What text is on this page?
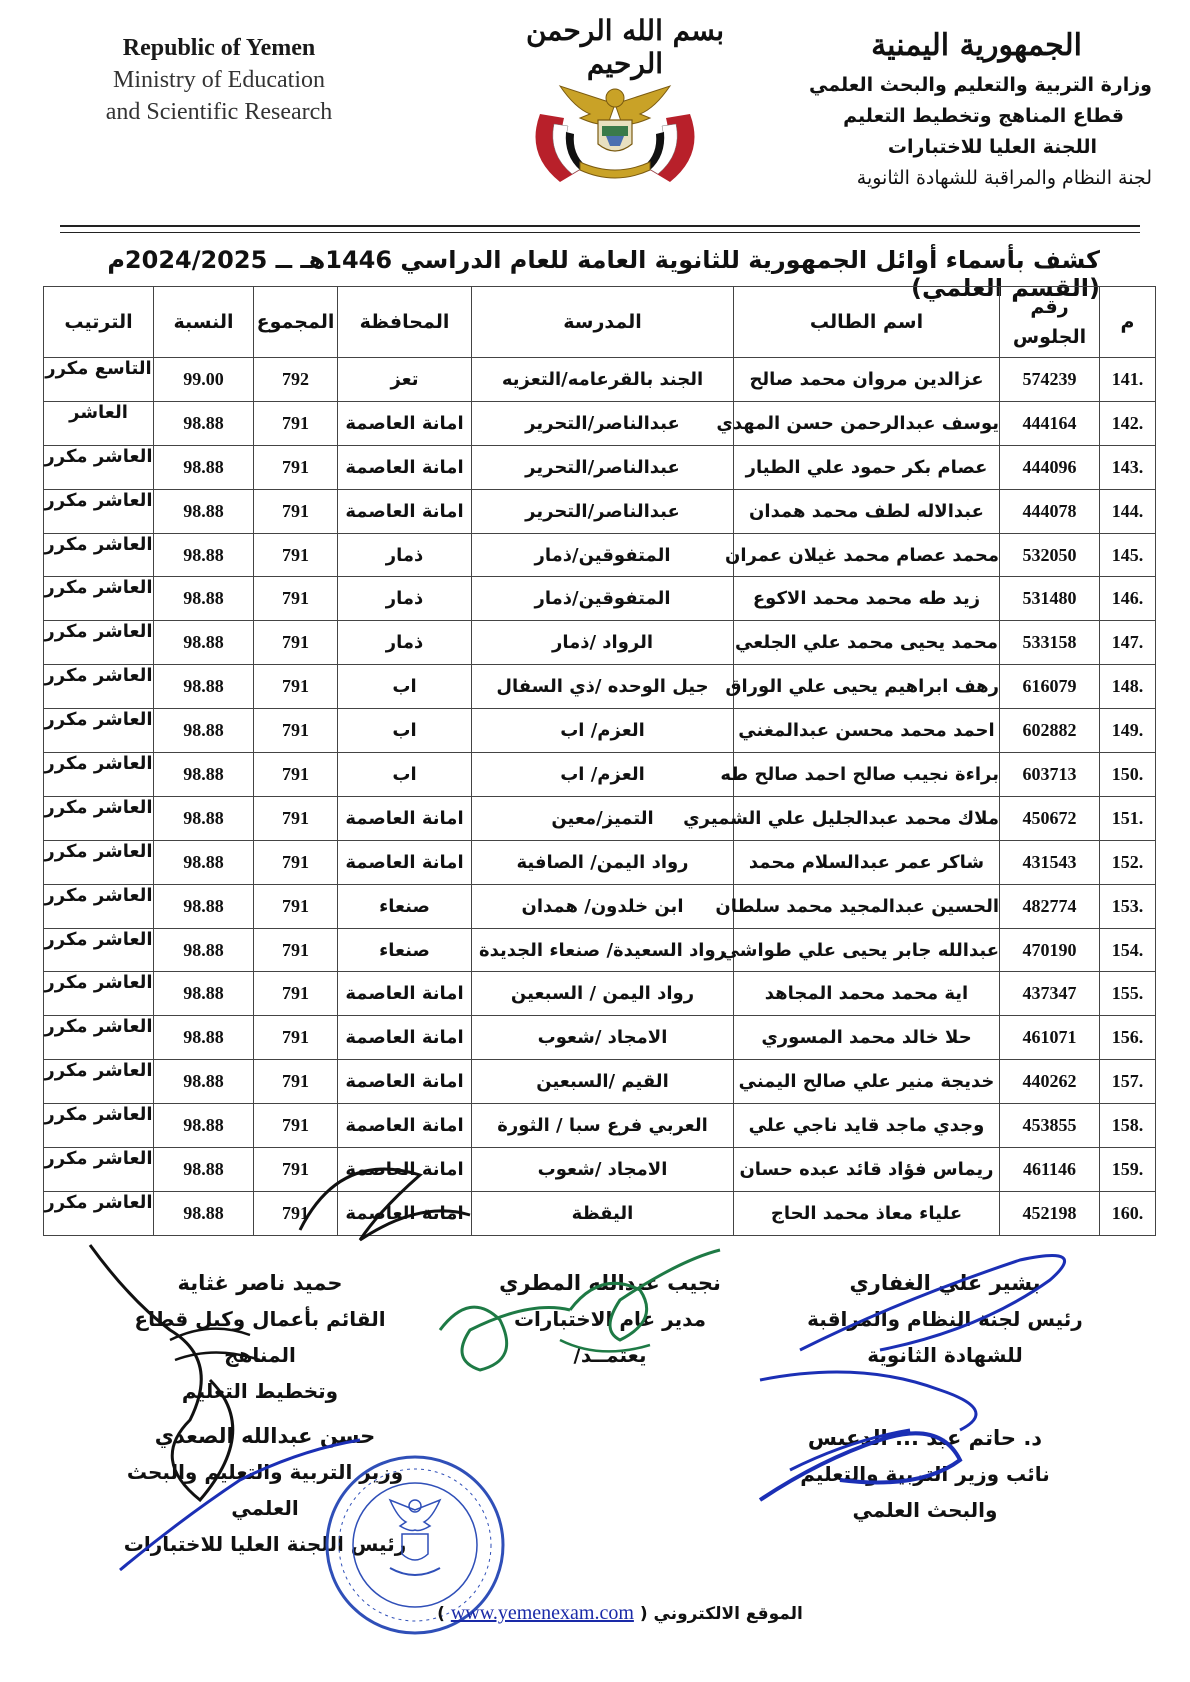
Republic of Yemen
Ministry of Education
and Scientific Research
بسم الله الرحمن الرحيم
الجمهورية اليمنية
وزارة التربية والتعليم والبحث العلمي
قطاع المناهج وتخطيط التعليم
اللجنة العليا للاختبارات
لجنة النظام والمراقبة للشهادة الثانوية
كشف بأسماء أوائل الجمهورية للثانوية العامة للعام الدراسي 1446هـ ــ 2024/2025م (القسم العلمي)
م	رقم الجلوس	اسم الطالب	المدرسة	المحافظة	المجموع	النسبة	الترتيب
.141	574239	عزالدين مروان محمد صالح	الجند بالقرعامه/التعزيه	تعز	792	99.00	التاسع مكرر
.142	444164	يوسف عبدالرحمن حسن المهدي	عبدالناصر/التحرير	امانة العاصمة	791	98.88	العاشر
.143	444096	عصام بكر حمود علي الطيار	عبدالناصر/التحرير	امانة العاصمة	791	98.88	العاشر مكرر
.144	444078	عبدالاله لطف محمد همدان	عبدالناصر/التحرير	امانة العاصمة	791	98.88	العاشر مكرر
.145	532050	محمد عصام محمد غيلان عمران	المتفوقين/ذمار	ذمار	791	98.88	العاشر مكرر
.146	531480	زيد طه محمد محمد الاكوع	المتفوقين/ذمار	ذمار	791	98.88	العاشر مكرر
.147	533158	محمد يحيى محمد علي الجلعي	الرواد /ذمار	ذمار	791	98.88	العاشر مكرر
.148	616079	رهف ابراهيم يحيى علي الوراق	جيل الوحده /ذي السفال	اب	791	98.88	العاشر مكرر
.149	602882	احمد محمد محسن عبدالمغني	العزم/ اب	اب	791	98.88	العاشر مكرر
.150	603713	براءة نجيب صالح احمد صالح طه	العزم/ اب	اب	791	98.88	العاشر مكرر
.151	450672	ملاك محمد عبدالجليل علي الشميري	التميز/معين	امانة العاصمة	791	98.88	العاشر مكرر
.152	431543	شاكر عمر عبدالسلام محمد	رواد اليمن/ الصافية	امانة العاصمة	791	98.88	العاشر مكرر
.153	482774	الحسين عبدالمجيد محمد سلطان	ابن خلدون/ همدان	صنعاء	791	98.88	العاشر مكرر
.154	470190	عبدالله جابر يحيى علي طواشي	رواد السعيدة/ صنعاء الجديدة	صنعاء	791	98.88	العاشر مكرر
.155	437347	اية محمد محمد المجاهد	رواد اليمن / السبعين	امانة العاصمة	791	98.88	العاشر مكرر
.156	461071	حلا خالد محمد المسوري	الامجاد /شعوب	امانة العاصمة	791	98.88	العاشر مكرر
.157	440262	خديجة منير علي صالح اليمني	القيم /السبعين	امانة العاصمة	791	98.88	العاشر مكرر
.158	453855	وجدي ماجد قايد ناجي علي	العربي فرع سبا / الثورة	امانة العاصمة	791	98.88	العاشر مكرر
.159	461146	ريماس فؤاد قائد عبده حسان	الامجاد /شعوب	امانة العاصمة	791	98.88	العاشر مكرر
.160	452198	علياء معاذ محمد الحاج	اليقظة	امانة العاصمة	791	98.88	العاشر مكرر
بشير علي الغفاري
رئيس لجنة النظام والمراقبة
للشهادة الثانوية
نجيب عبدالله المطري
مدير عام الاختبارات
يعتمــد/
حميد ناصر غثاية
القائم بأعمال وكيل قطاع المناهج
وتخطيط التعليم
د. حاتم عبد ... الدعيس
نائب وزير التربية والتعليم
والبحث العلمي
حسن عبدالله الصعدي
وزير التربية والتعليم والبحث العلمي
رئيس اللجنة العليا للاختبارات
الموقع الالكتروني ( www.yemenexam.com )
